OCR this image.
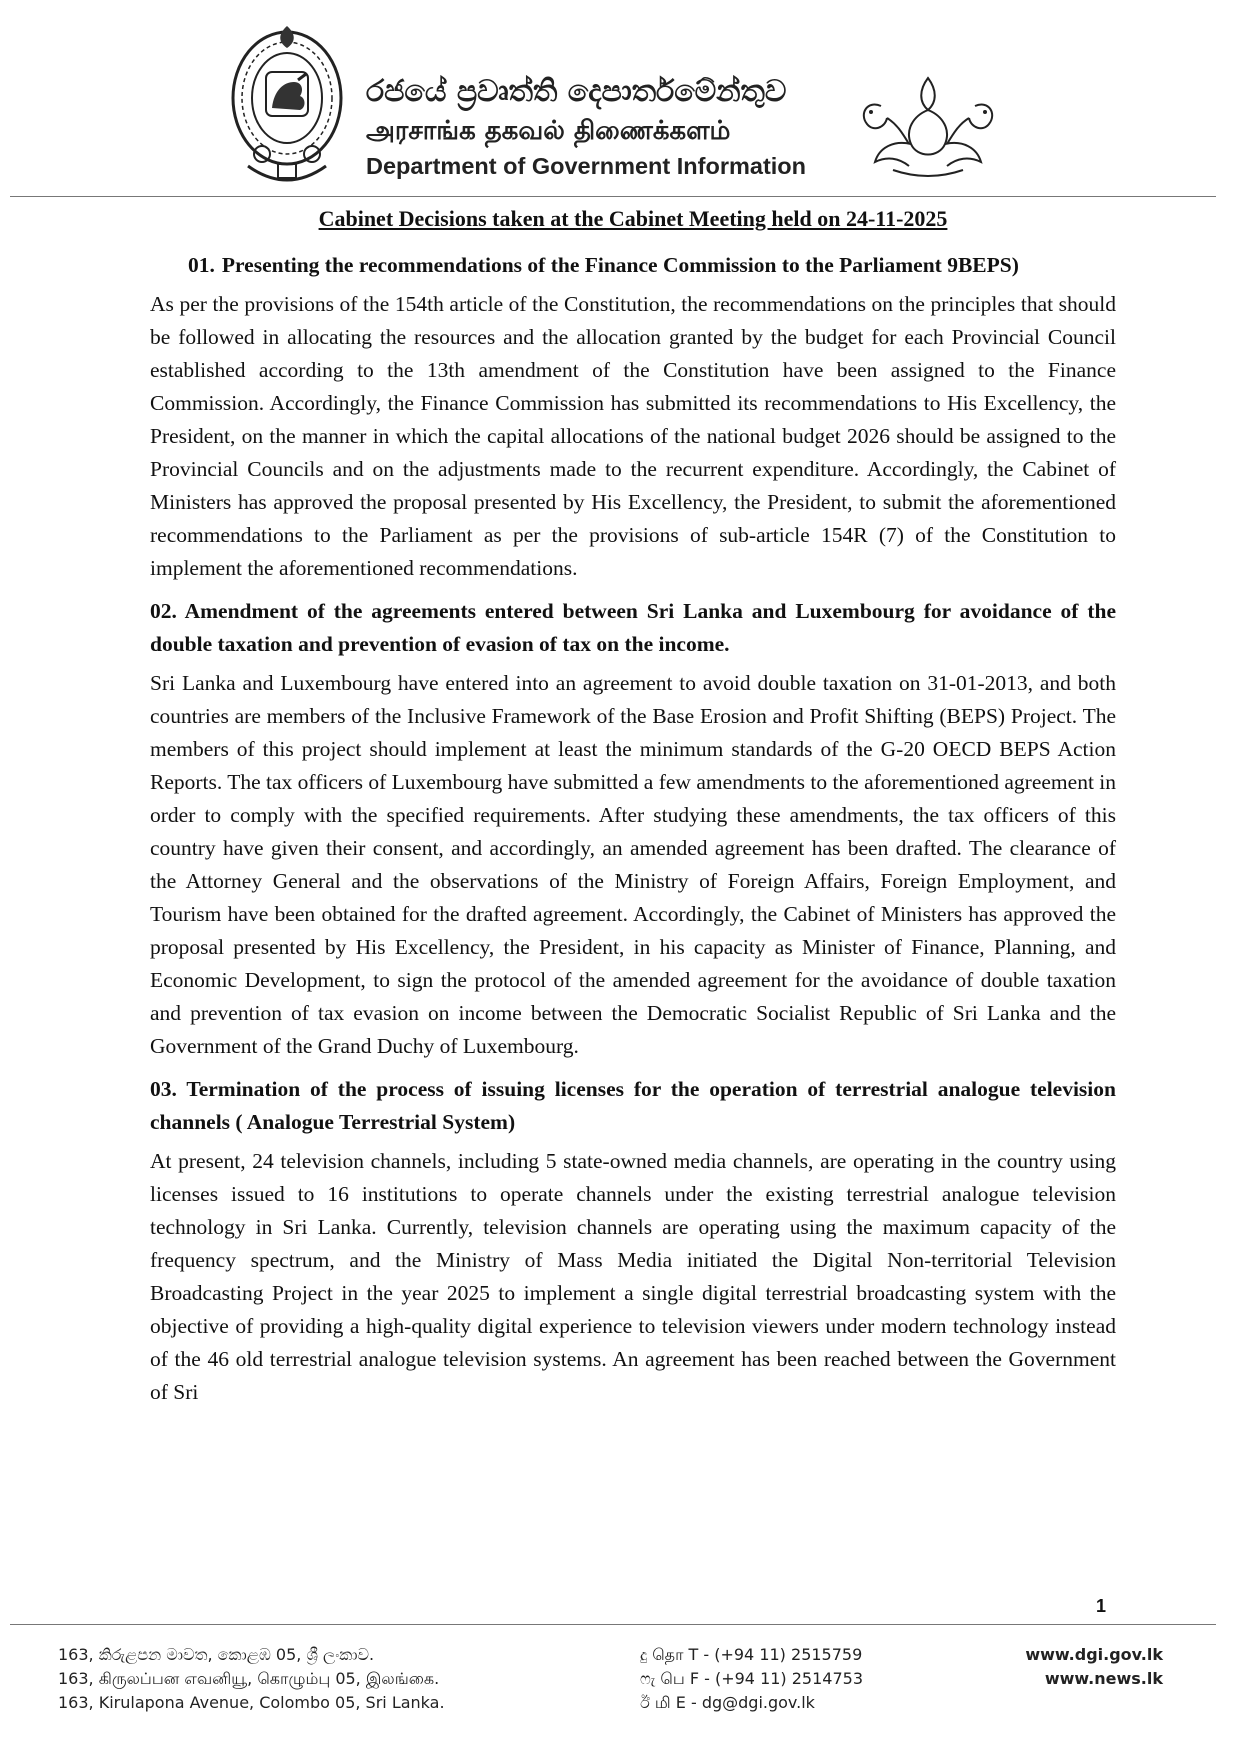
රජයේ ප්‍රවෘත්ති දෙපාර්තමේන්තුව
அரசாங்க தகவல் திணைக்களம்
Department of Government Information
Cabinet Decisions taken at the Cabinet Meeting held on 24-11-2025
01. Presenting the recommendations of the Finance Commission to the Parliament 9BEPS)
As per the provisions of the 154th article of the Constitution, the recommendations on the principles that should be followed in allocating the resources and the allocation granted by the budget for each Provincial Council established according to the 13th amendment of the Constitution have been assigned to the Finance Commission. Accordingly, the Finance Commission has submitted its recommendations to His Excellency, the President, on the manner in which the capital allocations of the national budget 2026 should be assigned to the Provincial Councils and on the adjustments made to the recurrent expenditure. Accordingly, the Cabinet of Ministers has approved the proposal presented by His Excellency, the President, to submit the aforementioned recommendations to the Parliament as per the provisions of sub-article 154R (7) of the Constitution to implement the aforementioned recommendations.
02. Amendment of the agreements entered between Sri Lanka and Luxembourg for avoidance of the double taxation and prevention of evasion of tax on the income.
Sri Lanka and Luxembourg have entered into an agreement to avoid double taxation on 31-01-2013, and both countries are members of the Inclusive Framework of the Base Erosion and Profit Shifting (BEPS) Project. The members of this project should implement at least the minimum standards of the G-20 OECD BEPS Action Reports. The tax officers of Luxembourg have submitted a few amendments to the aforementioned agreement in order to comply with the specified requirements. After studying these amendments, the tax officers of this country have given their consent, and accordingly, an amended agreement has been drafted. The clearance of the Attorney General and the observations of the Ministry of Foreign Affairs, Foreign Employment, and Tourism have been obtained for the drafted agreement. Accordingly, the Cabinet of Ministers has approved the proposal presented by His Excellency, the President, in his capacity as Minister of Finance, Planning, and Economic Development, to sign the protocol of the amended agreement for the avoidance of double taxation and prevention of tax evasion on income between the Democratic Socialist Republic of Sri Lanka and the Government of the Grand Duchy of Luxembourg.
03. Termination of the process of issuing licenses for the operation of terrestrial analogue television channels ( Analogue Terrestrial System)
At present, 24 television channels, including 5 state-owned media channels, are operating in the country using licenses issued to 16 institutions to operate channels under the existing terrestrial analogue television technology in Sri Lanka. Currently, television channels are operating using the maximum capacity of the frequency spectrum, and the Ministry of Mass Media initiated the Digital Non-territorial Television Broadcasting Project in the year 2025 to implement a single digital terrestrial broadcasting system with the objective of providing a high-quality digital experience to television viewers under modern technology instead of the 46 old terrestrial analogue television systems. An agreement has been reached between the Government of Sri
1
163, කිරුළපන මාවත, කොළඹ 05, ශ්‍රී ලංකාව.
163, கிருலப்பன எவனியூ, கொழும்பு 05, இலங்கை.
163, Kirulapona Avenue, Colombo 05, Sri Lanka.
දු தொ T - (+94 11) 2515759
ෆැ பெ F - (+94 11) 2514753
ඊ மி E - dg@dgi.gov.lk
www.dgi.gov.lk
www.news.lk
